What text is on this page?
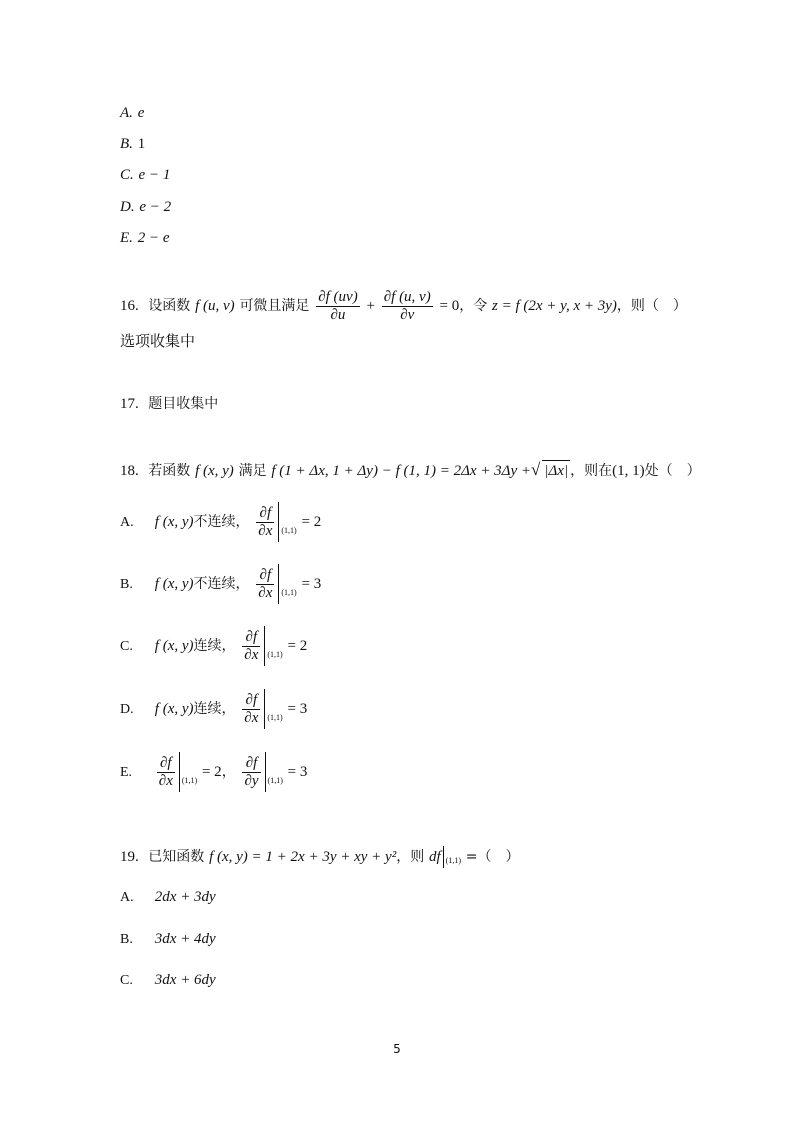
A. e
B. 1
C. e − 1
D. e − 2
E. 2 − e
16. 设函数 f (u, v) 可微且满足 $\frac{\partial f (uv)}{\partial u} + \frac{\partial f (u, v)}{\partial v} = 0$，令 z = f (2x + y, x + 3y)，则（　）
选项收集中
17. 题目收集中
18. 若函数 f (x, y) 满足 f (1 + Δx, 1 + Δy) − f (1, 1) = 2Δx + 3Δy +√ |Δx| ，则在(1, 1)处（　）
A. f (x, y)不连续， $\frac{\partial f}{\partial x} (1,1) = 2$
B. f (x, y)不连续， $\frac{\partial f}{\partial x} (1,1) = 3$
C. f (x, y)连续， $\frac{\partial f}{\partial x} (1,1) = 2$
D. f (x, y)连续， $\frac{\partial f}{\partial x} (1,1) = 3$
E. $\frac{\partial f}{\partial x} (1,1) = 2$， $\frac{\partial f}{\partial y} (1,1) = 3$
19. 已知函数 f (x, y) = 1 + 2x + 3y + xy + y²，则 df (1,1) =（　）
A. 2dx + 3dy
B. 3dx + 4dy
C. 3dx + 6dy
5
